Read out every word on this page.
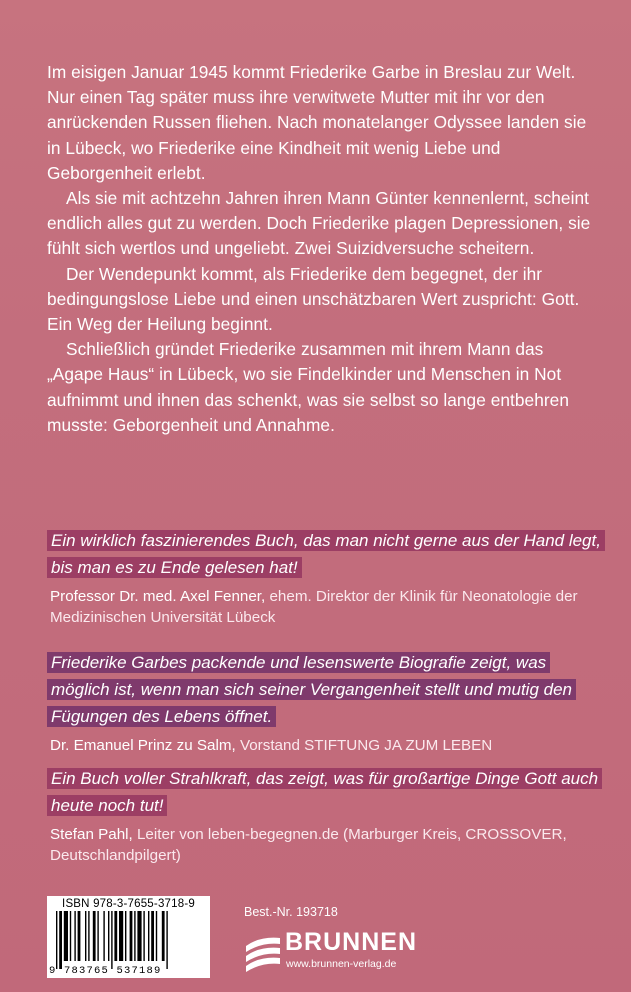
Im eisigen Januar 1945 kommt Friederike Garbe in Breslau zur Welt. Nur einen Tag später muss ihre verwitwete Mutter mit ihr vor den anrückenden Russen fliehen. Nach monatelanger Odyssee landen sie in Lübeck, wo Friederike eine Kindheit mit wenig Liebe und Geborgenheit erlebt.

Als sie mit achtzehn Jahren ihren Mann Günter kennenlernt, scheint endlich alles gut zu werden. Doch Friederike plagen Depressionen, sie fühlt sich wertlos und ungeliebt. Zwei Suizidversuche scheitern.

Der Wendepunkt kommt, als Friederike dem begegnet, der ihr bedingungslose Liebe und einen unschätzbaren Wert zuspricht: Gott. Ein Weg der Heilung beginnt.

Schließlich gründet Friederike zusammen mit ihrem Mann das „Agape Haus“ in Lübeck, wo sie Findelkinder und Menschen in Not aufnimmt und ihnen das schenkt, was sie selbst so lange entbehren musste: Geborgenheit und Annahme.

Ein wirklich faszinierendes Buch, das man nicht gerne aus der Hand legt, bis man es zu Ende gelesen hat!
Professor Dr. med. Axel Fenner, ehem. Direktor der Klinik für Neonatologie der Medizinischen Universität Lübeck
Friederike Garbes packende und lesenswerte Biografie zeigt, was möglich ist, wenn man sich seiner Vergangenheit stellt und mutig den Fügungen des Lebens öffnet.
Dr. Emanuel Prinz zu Salm, Vorstand STIFTUNG JA ZUM LEBEN
Ein Buch voller Strahlkraft, das zeigt, was für großartige Dinge Gott auch heute noch tut!
Stefan Pahl, Leiter von leben-begegnen.de (Marburger Kreis, CROSSOVER, Deutschlandpilgert)
ISBN 978-3-7655-3718-9
9 783765 537189
Best.-Nr. 193718
BRUNNEN
www.brunnen-verlag.de
